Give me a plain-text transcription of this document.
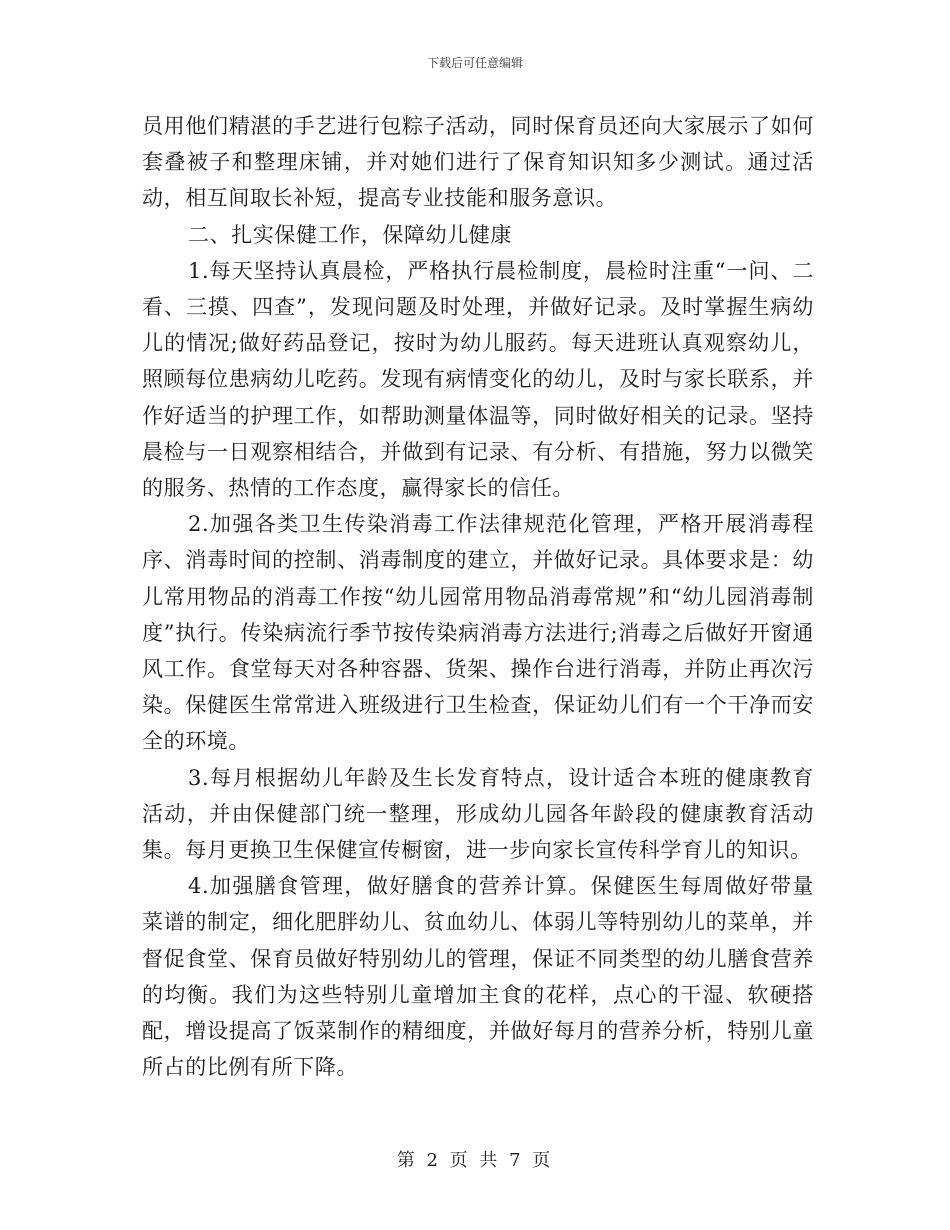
下载后可任意编辑

员用他们精湛的手艺进行包粽子活动，同时保育员还向大家展示了如何套叠被子和整理床铺，并对她们进行了保育知识知多少测试。通过活动，相互间取长补短，提高专业技能和服务意识。

二、扎实保健工作，保障幼儿健康

1.每天坚持认真晨检，严格执行晨检制度，晨检时注重“一问、二看、三摸、四查”，发现问题及时处理，并做好记录。及时掌握生病幼儿的情况;做好药品登记，按时为幼儿服药。每天进班认真观察幼儿，照顾每位患病幼儿吃药。发现有病情变化的幼儿，及时与家长联系，并作好适当的护理工作，如帮助测量体温等，同时做好相关的记录。坚持晨检与一日观察相结合，并做到有记录、有分析、有措施，努力以微笑的服务、热情的工作态度，赢得家长的信任。

2.加强各类卫生传染消毒工作法律规范化管理，严格开展消毒程序、消毒时间的控制、消毒制度的建立，并做好记录。具体要求是：幼儿常用物品的消毒工作按“幼儿园常用物品消毒常规”和“幼儿园消毒制度”执行。传染病流行季节按传染病消毒方法进行;消毒之后做好开窗通风工作。食堂每天对各种容器、货架、操作台进行消毒，并防止再次污染。保健医生常常进入班级进行卫生检查，保证幼儿们有一个干净而安全的环境。

3.每月根据幼儿年龄及生长发育特点，设计适合本班的健康教育活动，并由保健部门统一整理，形成幼儿园各年龄段的健康教育活动集。每月更换卫生保健宣传橱窗，进一步向家长宣传科学育儿的知识。

4.加强膳食管理，做好膳食的营养计算。保健医生每周做好带量菜谱的制定，细化肥胖幼儿、贫血幼儿、体弱儿等特别幼儿的菜单，并督促食堂、保育员做好特别幼儿的管理，保证不同类型的幼儿膳食营养的均衡。我们为这些特别儿童增加主食的花样，点心的干湿、软硬搭配，增设提高了饭菜制作的精细度，并做好每月的营养分析，特别儿童所占的比例有所下降。

第 2 页 共 7 页
